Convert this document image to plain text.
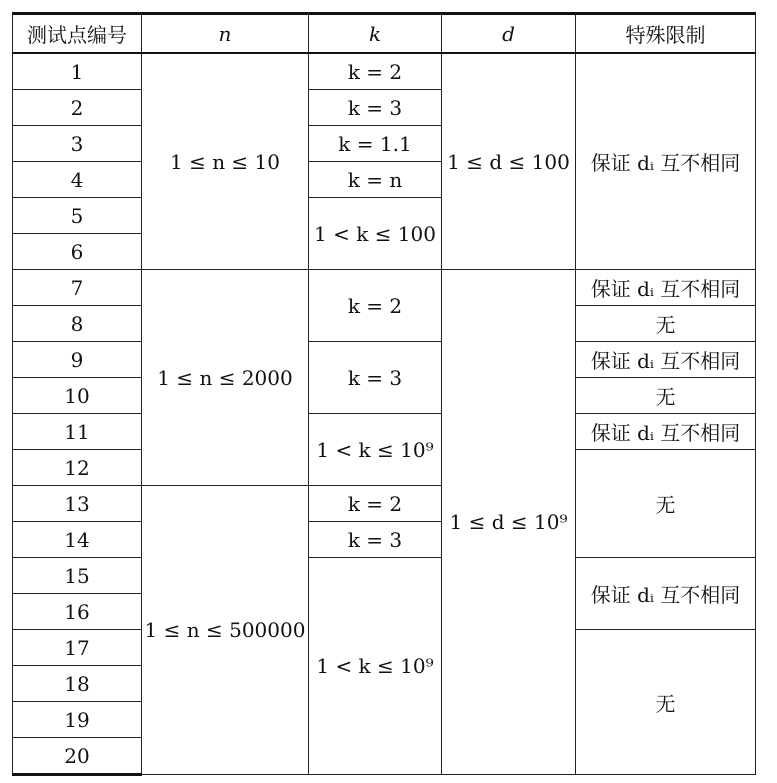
测试点编号	n	k	d	特殊限制
1	1 ≤ n ≤ 10	k = 2	1 ≤ d ≤ 100	保证 dᵢ 互不相同
2		k = 3		
3		k = 1.1		
4		k = n		
5		1 < k ≤ 100		
6				
7	1 ≤ n ≤ 2000	k = 2	1 ≤ d ≤ 10⁹	保证 dᵢ 互不相同
8				无
9		k = 3		保证 dᵢ 互不相同
10				无
11		1 < k ≤ 10⁹		保证 dᵢ 互不相同
12				无
13	1 ≤ n ≤ 500000	k = 2		
14		k = 3		
15		1 < k ≤ 10⁹		保证 dᵢ 互不相同
16				
17				无
18				
19				
20				
